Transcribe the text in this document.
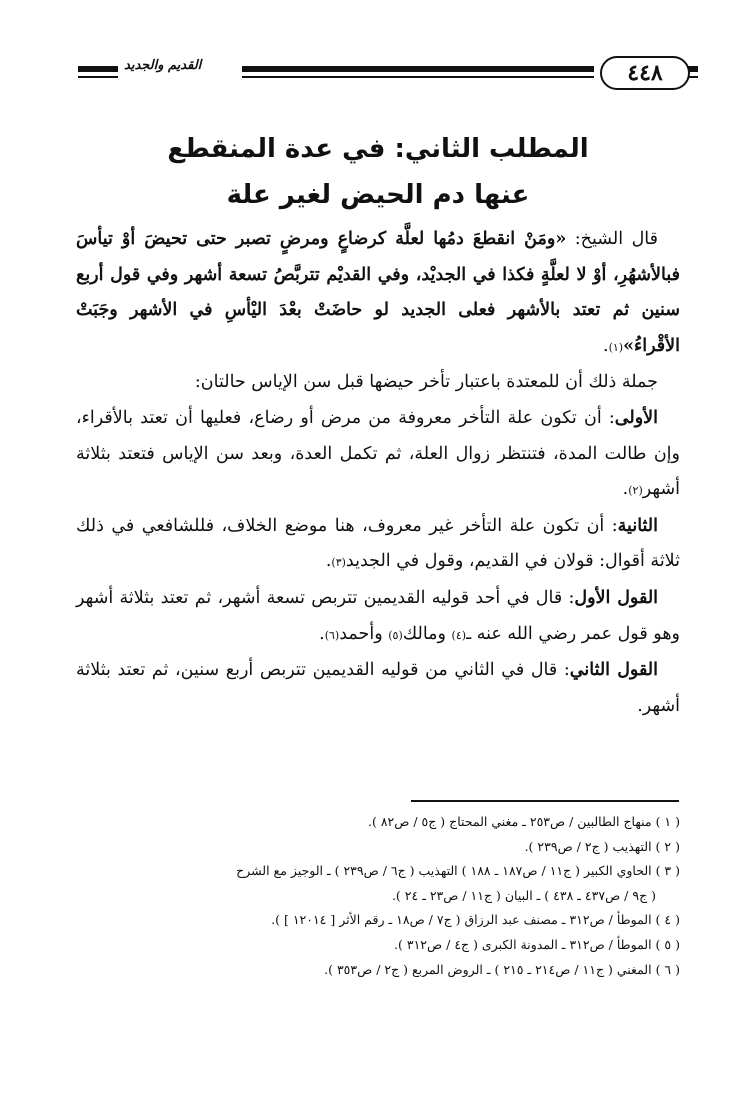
٤٤٨
القديم والجديد
المطلب الثاني: في عدة المنقطع
عنها دم الحيض لغير علة

قال الشيخ: «ومَنْ انقطعَ دمُها لعلَّة كرضاعٍ ومرضٍ تصبر حتى تحيضَ أوْ تيأسَ فبالأشهُرِ، أوْ لا لعلَّةٍ فكذا في الجديْد، وفي القديْم تتربَّصُ تسعة أشهر وفي قول أربع سنين ثم تعتد بالأشهر فعلى الجديد لو حاضَتْ بعْدَ اليْأسِ في الأشهر وجَبَتْ الأقْراءُ»(١).

جملة ذلك أن للمعتدة باعتبار تأخر حيضها قبل سن الإياس حالتان:

الأولى: أن تكون علة التأخر معروفة من مرض أو رضاع، فعليها أن تعتد بالأقراء، وإن طالت المدة، فتنتظر زوال العلة، ثم تكمل العدة، وبعد سن الإياس فتعتد بثلاثة أشهر(٢).

الثانية: أن تكون علة التأخر غير معروف، هنا موضع الخلاف، فللشافعي في ذلك ثلاثة أقوال: قولان في القديم، وقول في الجديد(٣).

القول الأول: قال في أحد قوليه القديمين تتربص تسعة أشهر، ثم تعتد بثلاثة أشهر وهو قول عمر رضي الله عنه ـ(٤) ومالك(٥) وأحمد(٦).

القول الثاني: قال في الثاني من قوليه القديمين تتربص أربع سنين، ثم تعتد بثلاثة أشهر.

( ١ ) منهاج الطالبين / ص٢٥٣ ـ مغني المحتاج ( ج٥ / ص٨٢ ).

( ٢ ) التهذيب ( ج٢ / ص٢٣٩ ).

( ٣ ) الحاوي الكبير ( ج١١ / ص١٨٧ ـ ١٨٨ ) التهذيب ( ج٦ / ص٢٣٩ ) ـ الوجيز مع الشرح

( ج٩ / ص٤٣٧ ـ ٤٣٨ ) ـ البيان ( ج١١ / ص٢٣ ـ ٢٤ ).

( ٤ ) الموطأ / ص٣١٢ ـ مصنف عبد الرزاق ( ج٧ / ص١٨ ـ رقم الأثر [ ١٢٠١٤ ] ).

( ٥ ) الموطأ / ص٣١٢ ـ المدونة الكبرى ( ج٤ / ص٣١٢ ).

( ٦ ) المغني ( ج١١ / ص٢١٤ ـ ٢١٥ ) ـ الروض المربع ( ج٢ / ص٣٥٣ ).
